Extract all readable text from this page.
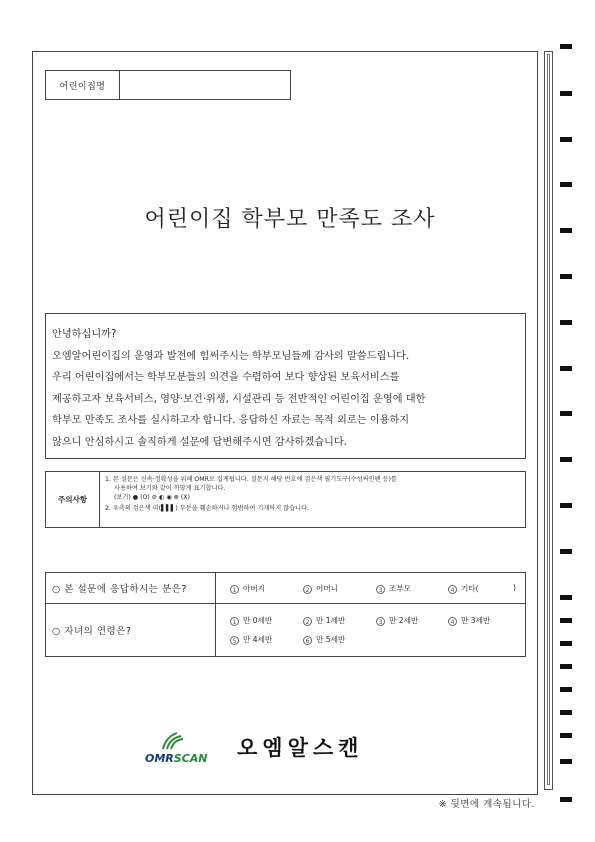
어린이집명
어린이집 학부모 만족도 조사

안녕하십니까?

오엠알어린이집의 운영과 발전에 힘써주시는 학부모님들께 감사의 말씀드립니다.

우리 어린이집에서는 학부모분들의 의견을 수렴하여 보다 향상된 보육서비스를

제공하고자 보육서비스, 영양·보건·위생, 시설관리 등 전반적인 어린이집 운영에 대한

학부모 만족도 조사를 실시하고자 합니다. 응답하신 자료는 목적 외로는 이용하지

않으니 안심하시고 솔직하게 설문에 답변해주시면 감사하겠습니다.

주의사항
1. 본 설문은 신속·정확성을 위해 OMR로 집계됩니다. 설문지 해당 번호에 검은색 필기도구(수성싸인펜 등)를
사용하여 보기와 같이 까맣게 표기합니다.
(보기) ● (O) ⊘ ◐ ◉ ⊗ (X)
2. 우측의 검은색 띠(▌▌▌) 부분을 훼손하거나 험범하여 기재하지 않습니다.
○ 본 설문에 응답하시는 분은?	1 아버지	2 어머니	3 조부모	4 기타(	)
○ 자녀의 연령은?
1 만 0세반	2 만 1세반	3 만 2세반	4 만 3세반
5 만 4세반	6 만 5세반
OMRSCAN 오엠알스캔
※ 뒷면에 계속됩니다.
